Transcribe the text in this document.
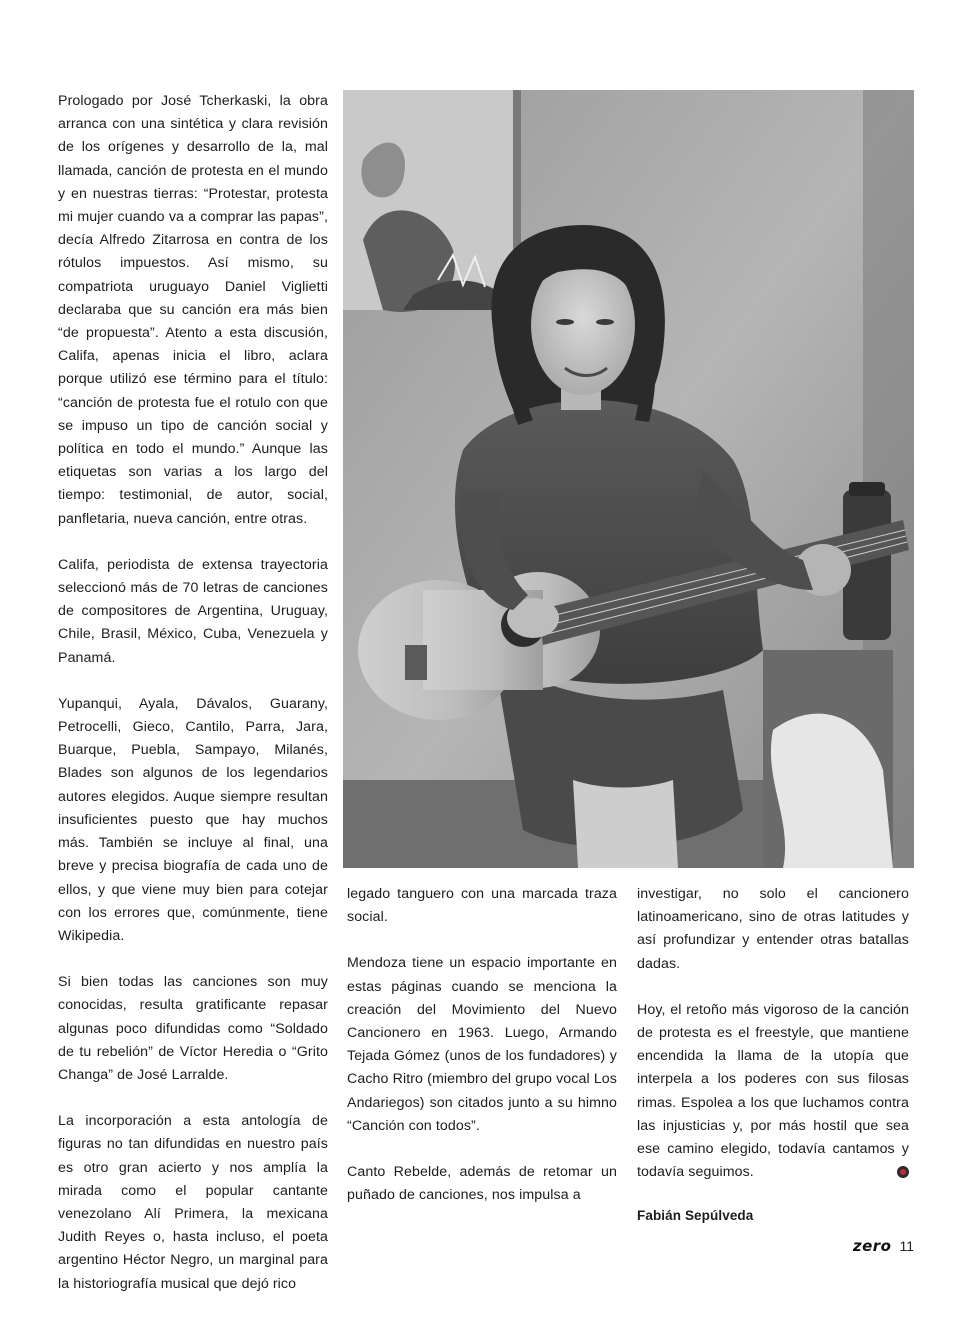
Prologado por José Tcherkaski, la obra arranca con una sintética y clara revisión de los orígenes y desarrollo de la, mal llamada, canción de protesta en el mundo y en nuestras tierras: “Protestar, protesta mi mujer cuando va a comprar las papas”, decía Alfredo Zitarrosa en contra de los rótulos impuestos. Así mismo, su compatriota uruguayo Daniel Viglietti declaraba que su canción era más bien “de propuesta”. Atento a esta discusión, Califa, apenas inicia el libro, aclara porque utilizó ese término para el título: “canción de protesta fue el rotulo con que se impuso un tipo de canción social y política en todo el mundo.” Aunque las etiquetas son varias a los largo del tiempo: testimonial, de autor, social, panfletaria, nueva canción, entre otras.

Califa, periodista de extensa trayectoria seleccionó más de 70 letras de canciones de compositores de Argentina, Uruguay, Chile, Brasil, México, Cuba, Venezuela y Panamá.

Yupanqui, Ayala, Dávalos, Guarany, Petrocelli, Gieco, Cantilo, Parra, Jara, Buarque, Puebla, Sampayo, Milanés, Blades son algunos de los legendarios autores elegidos. Auque siempre resultan insuficientes puesto que hay muchos más. También se incluye al final, una breve y precisa biografía de cada uno de ellos, y que viene muy bien para cotejar con los errores que, comúnmente, tiene Wikipedia.

Si bien todas las canciones son muy conocidas, resulta gratificante repasar algunas poco difundidas como “Soldado de tu rebelión” de Víctor Heredia o “Grito Changa” de José Larralde.

La incorporación a esta antología de figuras no tan difundidas en nuestro país es otro gran acierto y nos amplía la mirada como el popular cantante venezolano Alí Primera, la mexicana Judith Reyes o, hasta incluso, el poeta argentino Héctor Negro, un marginal para la historiografía musical que dejó rico

legado tanguero con una marcada traza social.

Mendoza tiene un espacio importante en estas páginas cuando se menciona la creación del Movimiento del Nuevo Cancionero en 1963. Luego, Armando Tejada Gómez (unos de los fundadores) y Cacho Ritro (miembro del grupo vocal Los Andariegos) son citados junto a su himno “Canción con todos”.

Canto Rebelde, además de retomar un puñado de canciones, nos impulsa a

investigar, no solo el cancionero latinoamericano, sino de otras latitudes y así profundizar y entender otras batallas dadas.

Hoy, el retoño más vigoroso de la canción de protesta es el freestyle, que mantiene encendida la llama de la utopía que interpela a los poderes con sus filosas rimas. Espolea a los que luchamos contra las injusticias y, por más hostil que sea ese camino elegido, todavía cantamos y todavía seguimos.

Fabián Sepúlveda

zero 11
